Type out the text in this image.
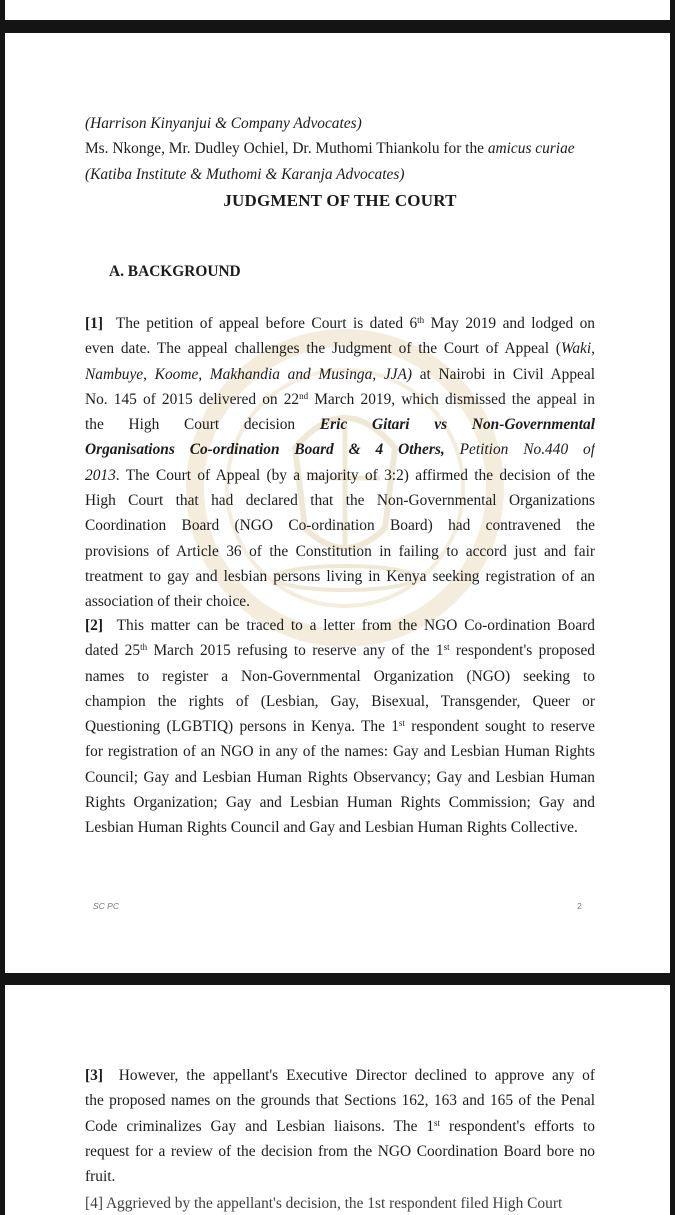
(Harrison Kinyanjui & Company Advocates)
Ms. Nkonge, Mr. Dudley Ochiel, Dr. Muthomi Thiankolu for the amicus curiae
(Katiba Institute & Muthomi & Karanja Advocates)
JUDGMENT OF THE COURT
A. BACKGROUND
[1] The petition of appeal before Court is dated 6th May 2019 and lodged on
even date. The appeal challenges the Judgment of the Court of Appeal (Waki,
Nambuye, Koome, Makhandia and Musinga, JJA) at Nairobi in Civil Appeal
No. 145 of 2015 delivered on 22nd March 2019, which dismissed the appeal in
the High Court decision Eric Gitari vs Non-Governmental
Organisations Co-ordination Board & 4 Others, Petition No.440 of
2013. The Court of Appeal (by a majority of 3:2) affirmed the decision of the
High Court that had declared that the Non-Governmental Organizations
Coordination Board (NGO Co-ordination Board) had contravened the
provisions of Article 36 of the Constitution in failing to accord just and fair
treatment to gay and lesbian persons living in Kenya seeking registration of an
association of their choice.
[2] This matter can be traced to a letter from the NGO Co-ordination Board
dated 25th March 2015 refusing to reserve any of the 1st respondent's proposed
names to register a Non-Governmental Organization (NGO) seeking to
champion the rights of (Lesbian, Gay, Bisexual, Transgender, Queer or
Questioning (LGBTIQ) persons in Kenya. The 1st respondent sought to reserve
for registration of an NGO in any of the names: Gay and Lesbian Human Rights
Council; Gay and Lesbian Human Rights Observancy; Gay and Lesbian Human
Rights Organization; Gay and Lesbian Human Rights Commission; Gay and
Lesbian Human Rights Council and Gay and Lesbian Human Rights Collective.
SC PC	2
[3] However, the appellant's Executive Director declined to approve any of
the proposed names on the grounds that Sections 162, 163 and 165 of the Penal
Code criminalizes Gay and Lesbian liaisons. The 1st respondent's efforts to
request for a review of the decision from the NGO Coordination Board bore no
fruit.
[4] Aggrieved by the appellant's decision, the 1st respondent filed High Court
